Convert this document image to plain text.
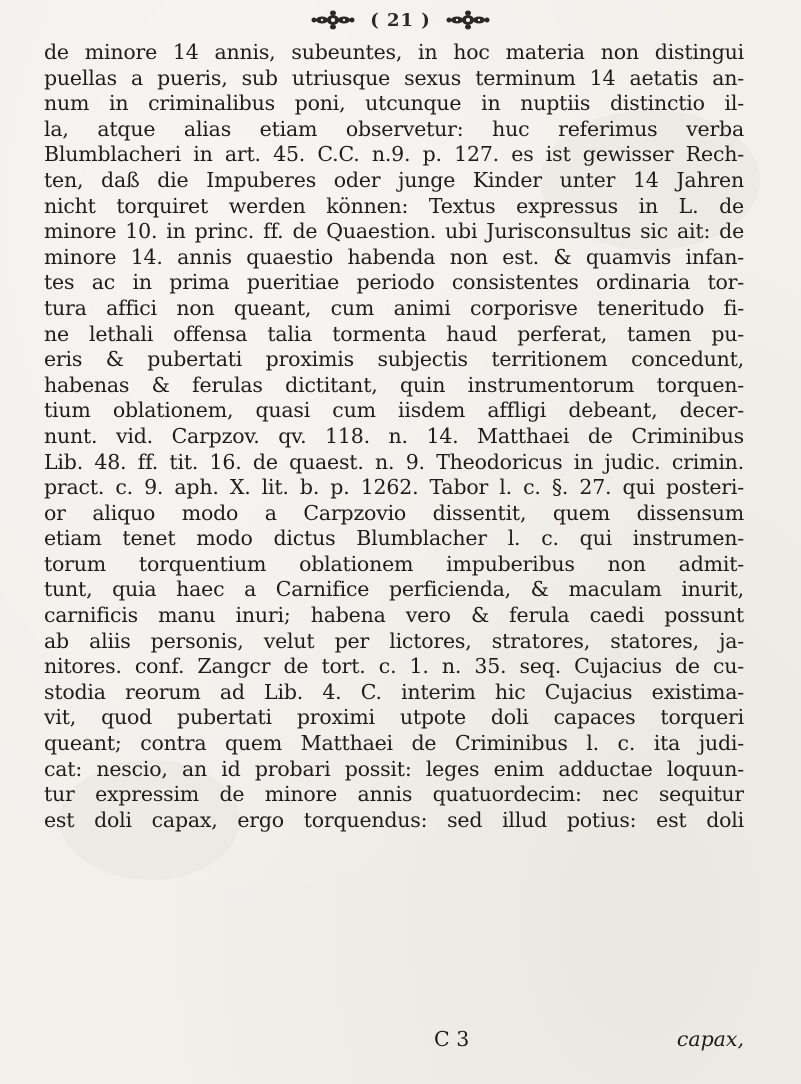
( 21 )
de minore 14 annis, subeuntes, in hoc materia non distingui
puellas a pueris, sub utriusque sexus terminum 14 aetatis an-
num in criminalibus poni, utcunque in nuptiis distinctio il-
la, atque alias etiam observetur: huc referimus verba
Blumblacheri in art. 45. C.C. n.9. p. 127. es ist gewisser Rech-
ten, daß die Impuberes oder junge Kinder unter 14 Jahren
nicht torquiret werden können: Textus expressus in L. de
minore 10. in princ. ff. de Quaestion. ubi Jurisconsultus sic ait: de
minore 14. annis quaestio habenda non est. & quamvis infan-
tes ac in prima pueritiae periodo consistentes ordinaria tor-
tura affici non queant, cum animi corporisve teneritudo fi-
ne lethali offensa talia tormenta haud perferat, tamen pu-
eris & pubertati proximis subjectis territionem concedunt,
habenas & ferulas dictitant, quin instrumentorum torquen-
tium oblationem, quasi cum iisdem affligi debeant, decer-
nunt. vid. Carpzov. qv. 118. n. 14. Matthaei de Criminibus
Lib. 48. ff. tit. 16. de quaest. n. 9. Theodoricus in judic. crimin.
pract. c. 9. aph. X. lit. b. p. 1262. Tabor l. c. §. 27. qui posteri-
or aliquo modo a Carpzovio dissentit, quem dissensum
etiam tenet modo dictus Blumblacher l. c. qui instrumen-
torum torquentium oblationem impuberibus non admit-
tunt, quia haec a Carnifice perficienda, & maculam inurit,
carnificis manu inuri; habena vero & ferula caedi possunt
ab aliis personis, velut per lictores, stratores, statores, ja-
nitores. conf. Zangcr de tort. c. 1. n. 35. seq. Cujacius de cu-
stodia reorum ad Lib. 4. C. interim hic Cujacius existima-
vit, quod pubertati proximi utpote doli capaces torqueri
queant; contra quem Matthaei de Criminibus l. c. ita judi-
cat: nescio, an id probari possit: leges enim adductae loquun-
tur expressim de minore annis quatuordecim: nec sequitur
est doli capax, ergo torquendus: sed illud potius: est doli
C 3	capax,
